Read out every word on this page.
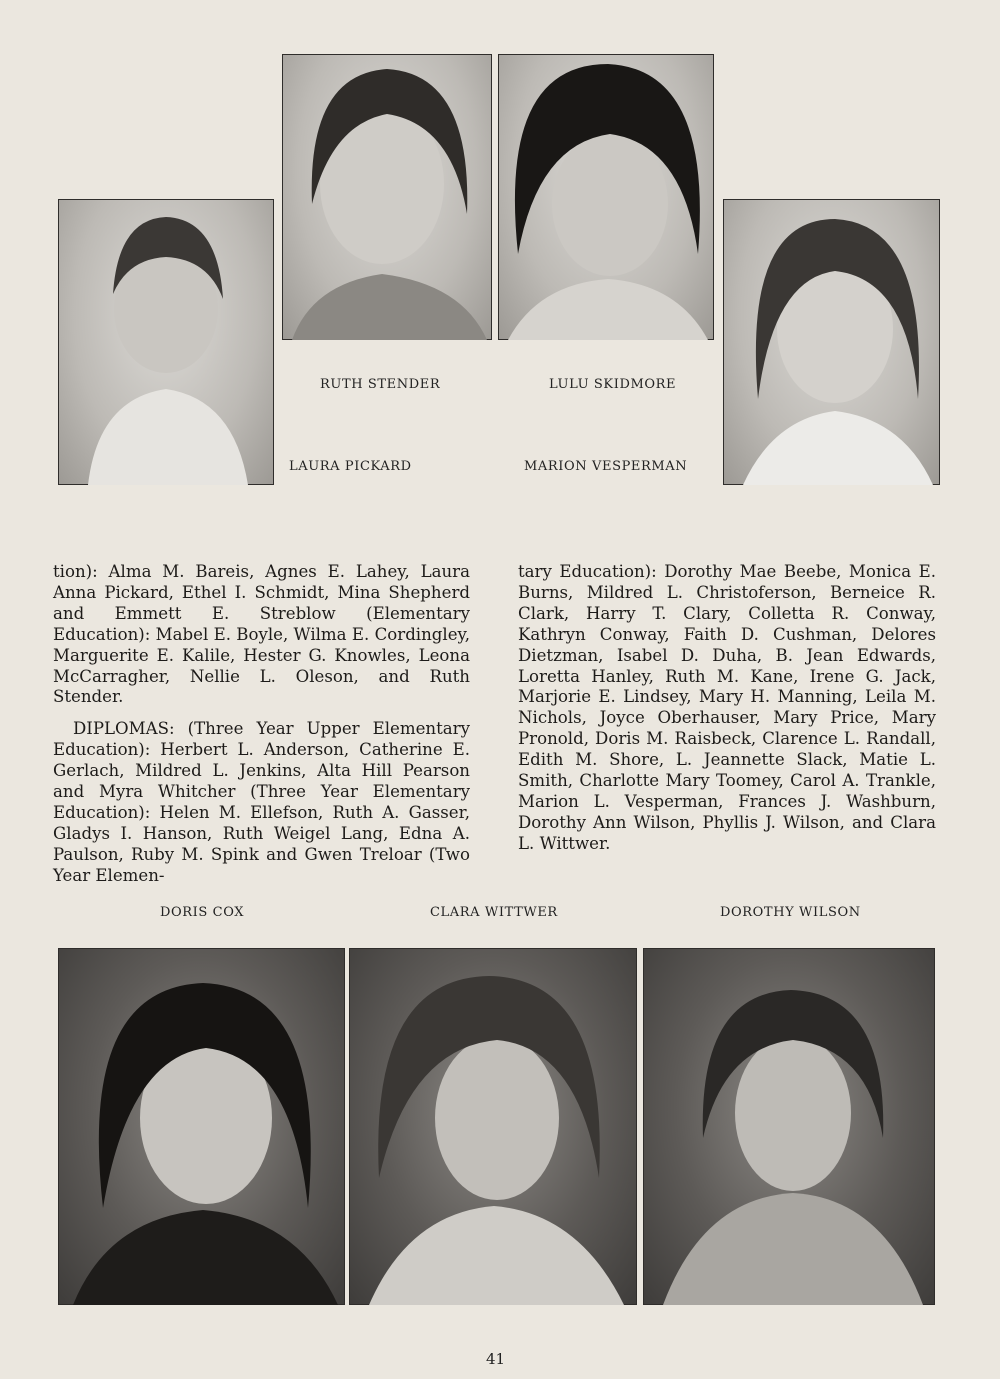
RUTH STENDER	LULU SKIDMORE
LAURA PICKARD	MARION VESPERMAN

tion): Alma M. Bareis, Agnes E. Lahey, Laura Anna Pickard, Ethel I. Schmidt, Mina Shepherd and Emmett E. Streblow (Elementary Education): Mabel E. Boyle, Wilma E. Cordingley, Marguerite E. Kalile, Hester G. Knowles, Leona McCarragher, Nellie L. Oleson, and Ruth Stender.

DIPLOMAS: (Three Year Upper Elementary Education): Herbert L. Anderson, Catherine E. Gerlach, Mildred L. Jenkins, Alta Hill Pearson and Myra Whitcher (Three Year Elementary Education): Helen M. Ellefson, Ruth A. Gasser, Gladys I. Hanson, Ruth Weigel Lang, Edna A. Paulson, Ruby M. Spink and Gwen Treloar (Two Year Elemen-

tary Education): Dorothy Mae Beebe, Monica E. Burns, Mildred L. Christoferson, Berneice R. Clark, Harry T. Clary, Colletta R. Conway, Kathryn Conway, Faith D. Cushman, Delores Dietzman, Isabel D. Duha, B. Jean Edwards, Loretta Hanley, Ruth M. Kane, Irene G. Jack, Marjorie E. Lindsey, Mary H. Manning, Leila M. Nichols, Joyce Oberhauser, Mary Price, Mary Pronold, Doris M. Raisbeck, Clarence L. Randall, Edith M. Shore, L. Jeannette Slack, Matie L. Smith, Charlotte Mary Toomey, Carol A. Trankle, Marion L. Vesperman, Frances J. Washburn, Dorothy Ann Wilson, Phyllis J. Wilson, and Clara L. Wittwer.

DORIS COX	CLARA WITTWER	DOROTHY WILSON
41
